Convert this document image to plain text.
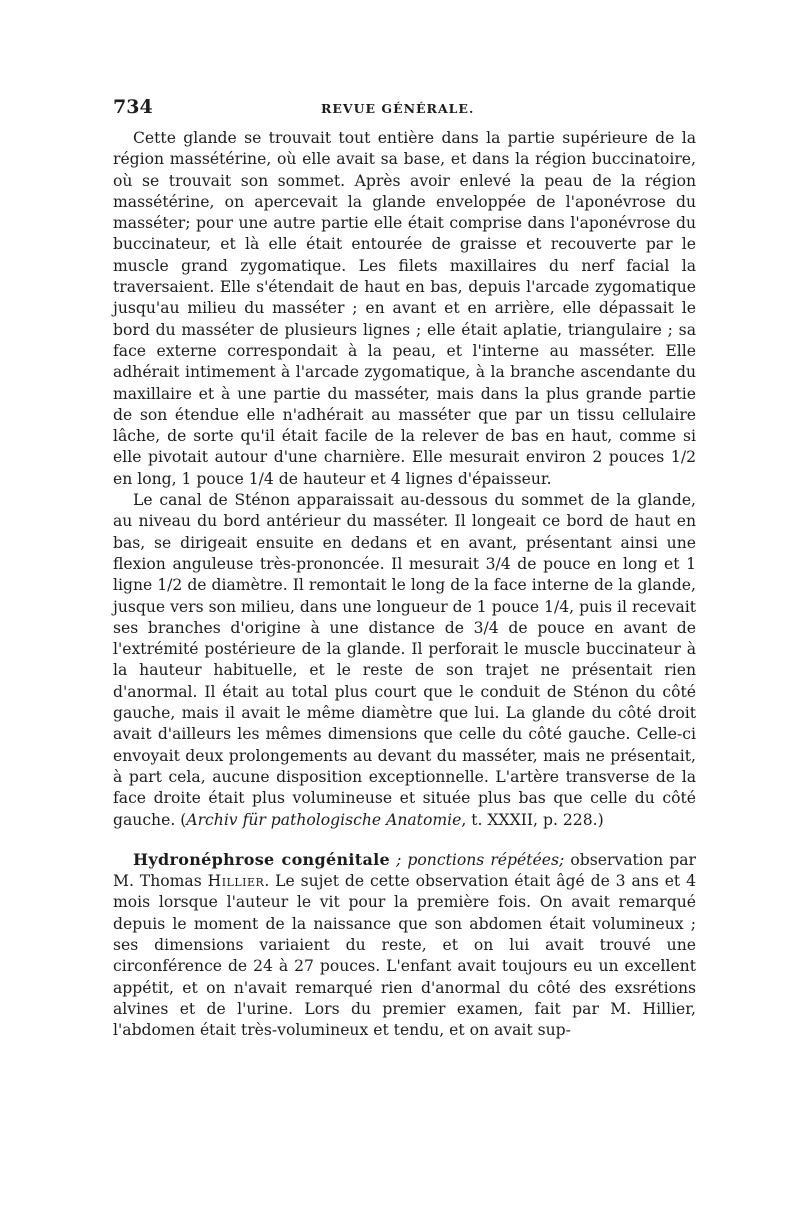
734	REVUE GÉNÉRALE.

Cette glande se trouvait tout entière dans la partie supérieure de la région massétérine, où elle avait sa base, et dans la région buccinatoire, où se trouvait son sommet. Après avoir enlevé la peau de la région massétérine, on apercevait la glande enveloppée de l'aponévrose du masséter; pour une autre partie elle était comprise dans l'aponévrose du buccinateur, et là elle était entourée de graisse et recouverte par le muscle grand zygomatique. Les filets maxillaires du nerf facial la traversaient. Elle s'étendait de haut en bas, depuis l'arcade zygomatique jusqu'au milieu du masséter ; en avant et en arrière, elle dépassait le bord du masséter de plusieurs lignes ; elle était aplatie, triangulaire ; sa face externe correspondait à la peau, et l'interne au masséter. Elle adhérait intimement à l'arcade zygomatique, à la branche ascendante du maxillaire et à une partie du masséter, mais dans la plus grande partie de son étendue elle n'adhérait au masséter que par un tissu cellulaire lâche, de sorte qu'il était facile de la relever de bas en haut, comme si elle pivotait autour d'une charnière. Elle mesurait environ 2 pouces 1/2 en long, 1 pouce 1/4 de hauteur et 4 lignes d'épaisseur.

Le canal de Sténon apparaissait au-dessous du sommet de la glande, au niveau du bord antérieur du masséter. Il longeait ce bord de haut en bas, se dirigeait ensuite en dedans et en avant, présentant ainsi une flexion anguleuse très-prononcée. Il mesurait 3/4 de pouce en long et 1 ligne 1/2 de diamètre. Il remontait le long de la face interne de la glande, jusque vers son milieu, dans une longueur de 1 pouce 1/4, puis il recevait ses branches d'origine à une distance de 3/4 de pouce en avant de l'extrémité postérieure de la glande. Il perforait le muscle buccinateur à la hauteur habituelle, et le reste de son trajet ne présentait rien d'anormal. Il était au total plus court que le conduit de Sténon du côté gauche, mais il avait le même diamètre que lui. La glande du côté droit avait d'ailleurs les mêmes dimensions que celle du côté gauche. Celle-ci envoyait deux prolongements au devant du masséter, mais ne présentait, à part cela, aucune disposition exceptionnelle. L'artère transverse de la face droite était plus volumineuse et située plus bas que celle du côté gauche. (Archiv für pathologische Anatomie, t. XXXII, p. 228.)

Hydronéphrose congénitale ; ponctions répétées; observation par M. Thomas Hillier. Le sujet de cette observation était âgé de 3 ans et 4 mois lorsque l'auteur le vit pour la première fois. On avait remarqué depuis le moment de la naissance que son abdomen était volumineux ; ses dimensions variaient du reste, et on lui avait trouvé une circonférence de 24 à 27 pouces. L'enfant avait toujours eu un excellent appétit, et on n'avait remarqué rien d'anormal du côté des exsrétions alvines et de l'urine. Lors du premier examen, fait par M. Hillier, l'abdomen était très-volumineux et tendu, et on avait sup-
